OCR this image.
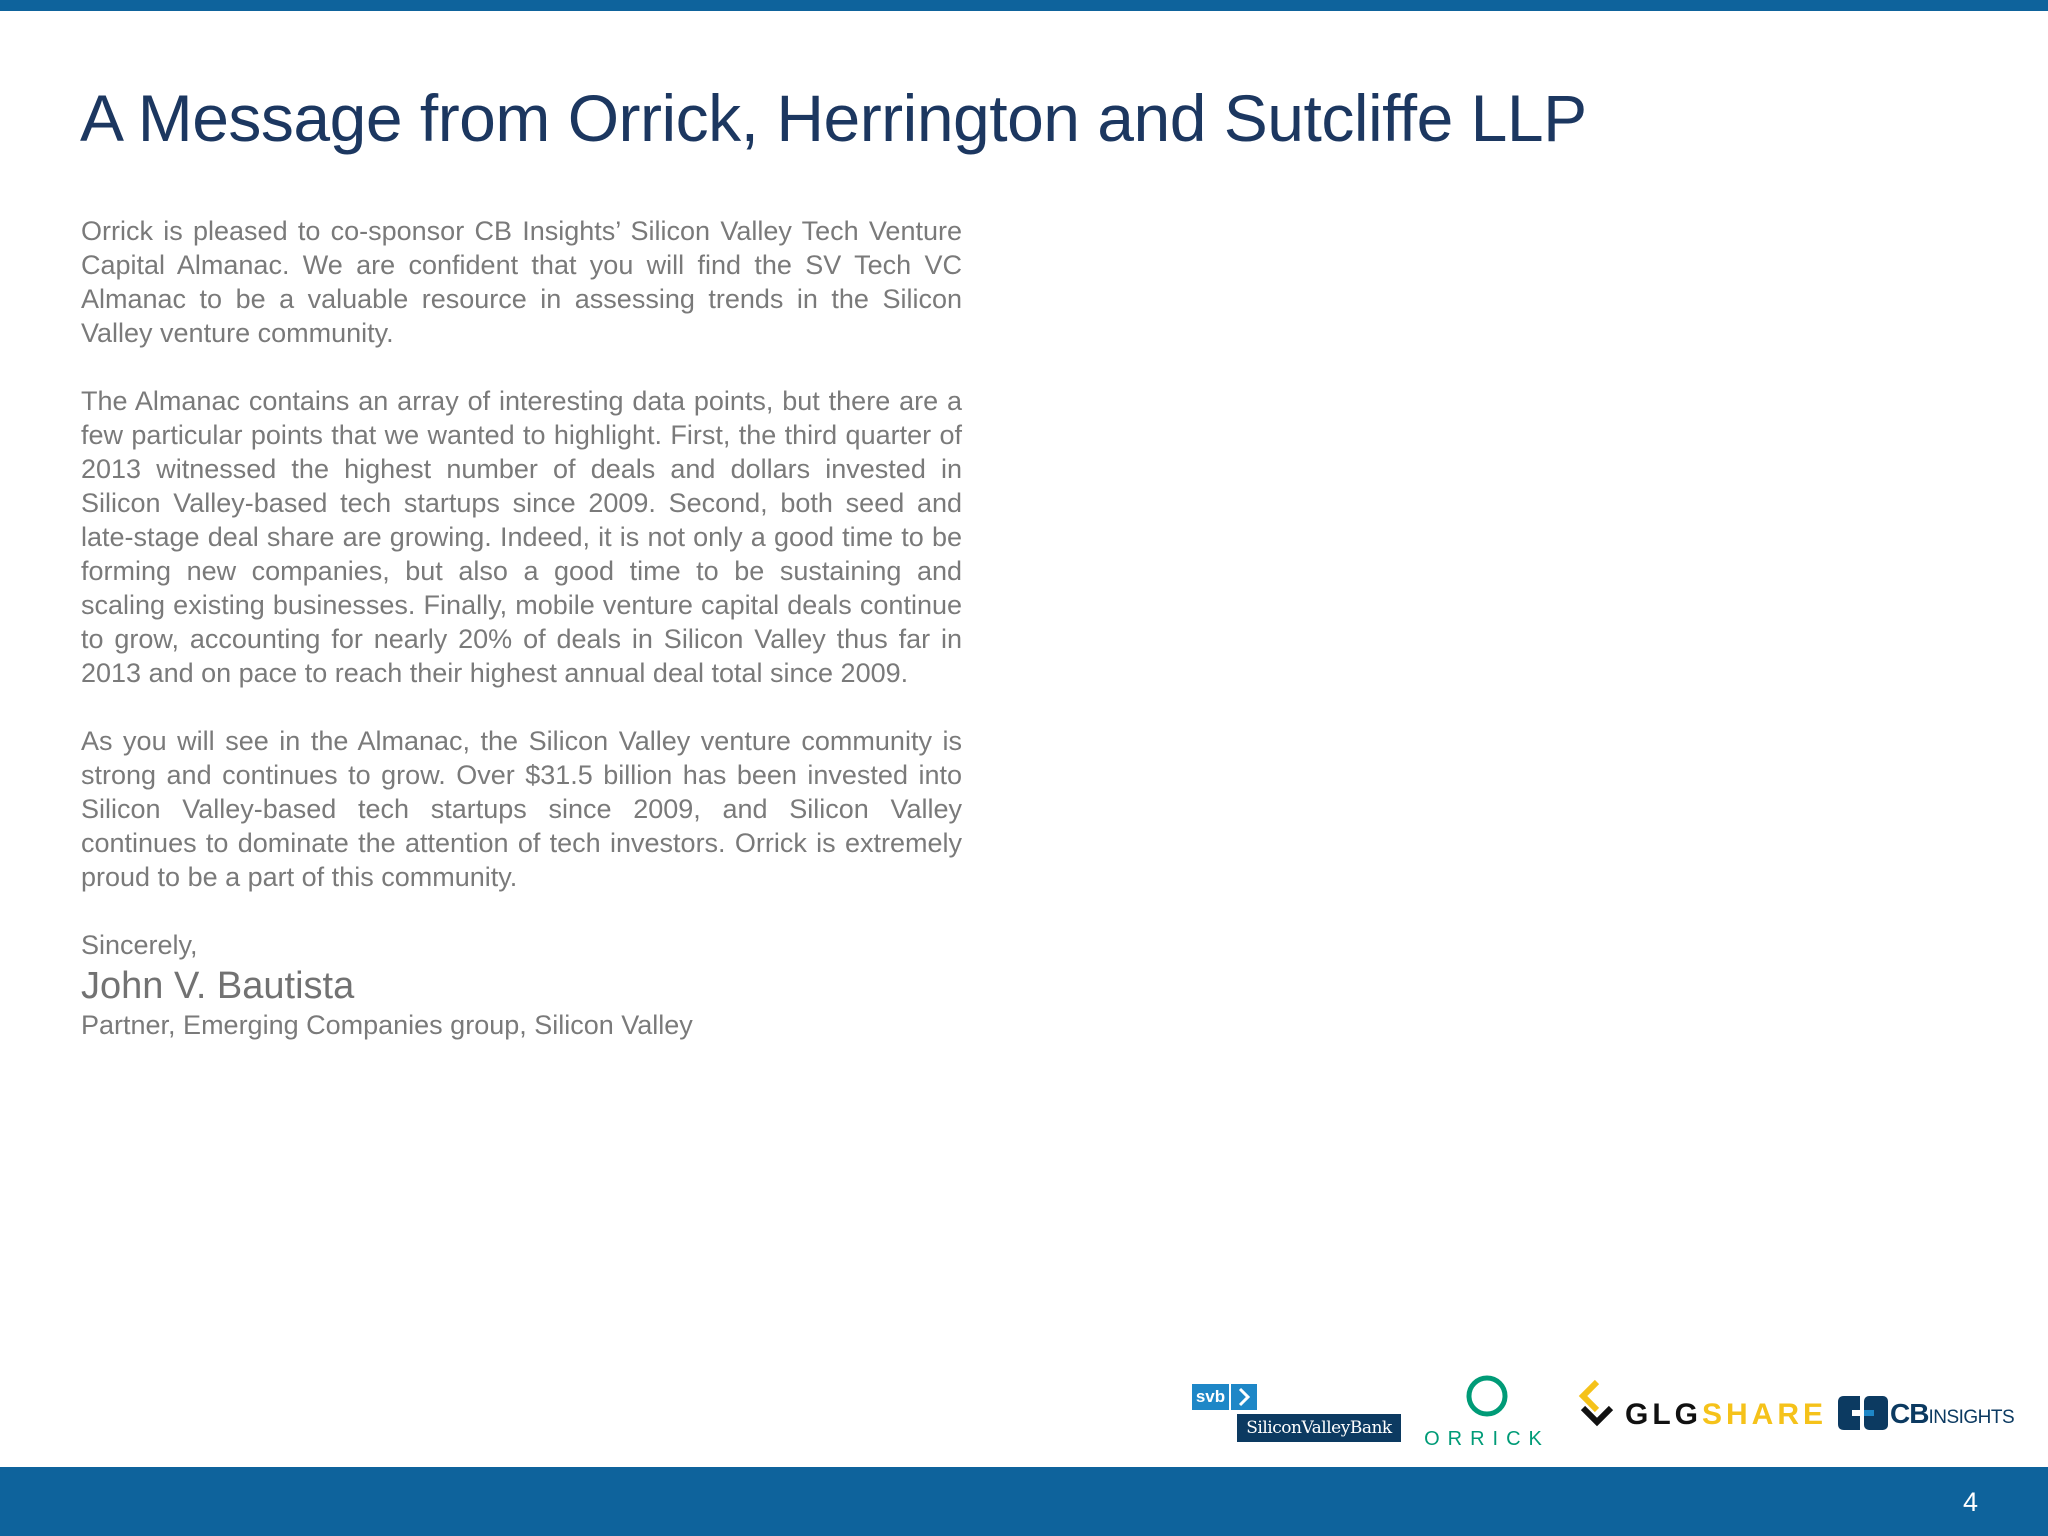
A Message from Orrick, Herrington and Sutcliffe LLP

Orrick is pleased to co-sponsor CB Insights’ Silicon Valley Tech Venture Capital Almanac. We are confident that you will find the SV Tech VC Almanac to be a valuable resource in assessing trends in the Silicon Valley venture community.

The Almanac contains an array of interesting data points, but there are a few particular points that we wanted to highlight. First, the third quarter of 2013 witnessed the highest number of deals and dollars invested in Silicon Valley-based tech startups since 2009. Second, both seed and late-stage deal share are growing. Indeed, it is not only a good time to be forming new companies, but also a good time to be sustaining and scaling existing businesses. Finally, mobile venture capital deals continue to grow, accounting for nearly 20% of deals in Silicon Valley thus far in 2013 and on pace to reach their highest annual deal total since 2009.

As you will see in the Almanac, the Silicon Valley venture community is strong and continues to grow. Over $31.5 billion has been invested into Silicon Valley-based tech startups since 2009, and Silicon Valley continues to dominate the attention of tech investors. Orrick is extremely proud to be a part of this community.

Sincerely,

John V. Bautista

Partner, Emerging Companies group, Silicon Valley

svb
SiliconValleyBank	ORRICK
GLGSHARE CBINSIGHTS
4
